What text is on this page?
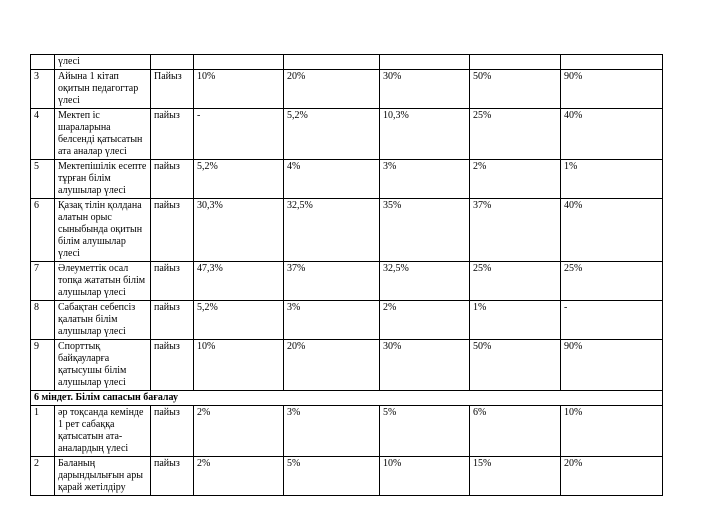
	үлесі						
3	Айына 1 кітап оқитын педагогтар үлесі	Пайыз	10%	20%	30%	50%	90%
4	Мектеп іс шараларына белсенді қатысатын ата аналар үлесі	пайыз	-	5,2%	10,3%	25%	40%
5	Мектепішілік есепте тұрған білім алушылар үлесі	пайыз	5,2%	4%	3%	2%	1%
6	Қазақ тілін қолдана алатын орыс сыныбында оқитын білім алушылар үлесі	пайыз	30,3%	32,5%	35%	37%	40%
7	Әлеуметтік осал топқа жататын білім алушылар үлесі	пайыз	47,3%	37%	32,5%	25%	25%
8	Сабақтан себепсіз қалатын білім алушылар үлесі	пайыз	5,2%	3%	2%	1%	-
9	Спорттық байқауларға қатысушы білім алушылар үлесі	пайыз	10%	20%	30%	50%	90%
6 міндет. Білім сапасын бағалау							
1	әр тоқсанда кемінде 1 рет сабаққа қатысатын ата-аналардың үлесі	пайыз	2%	3%	5%	6%	10%
2	Баланың дарындылығын ары қарай жетілдіру	пайыз	2%	5%	10%	15%	20%
